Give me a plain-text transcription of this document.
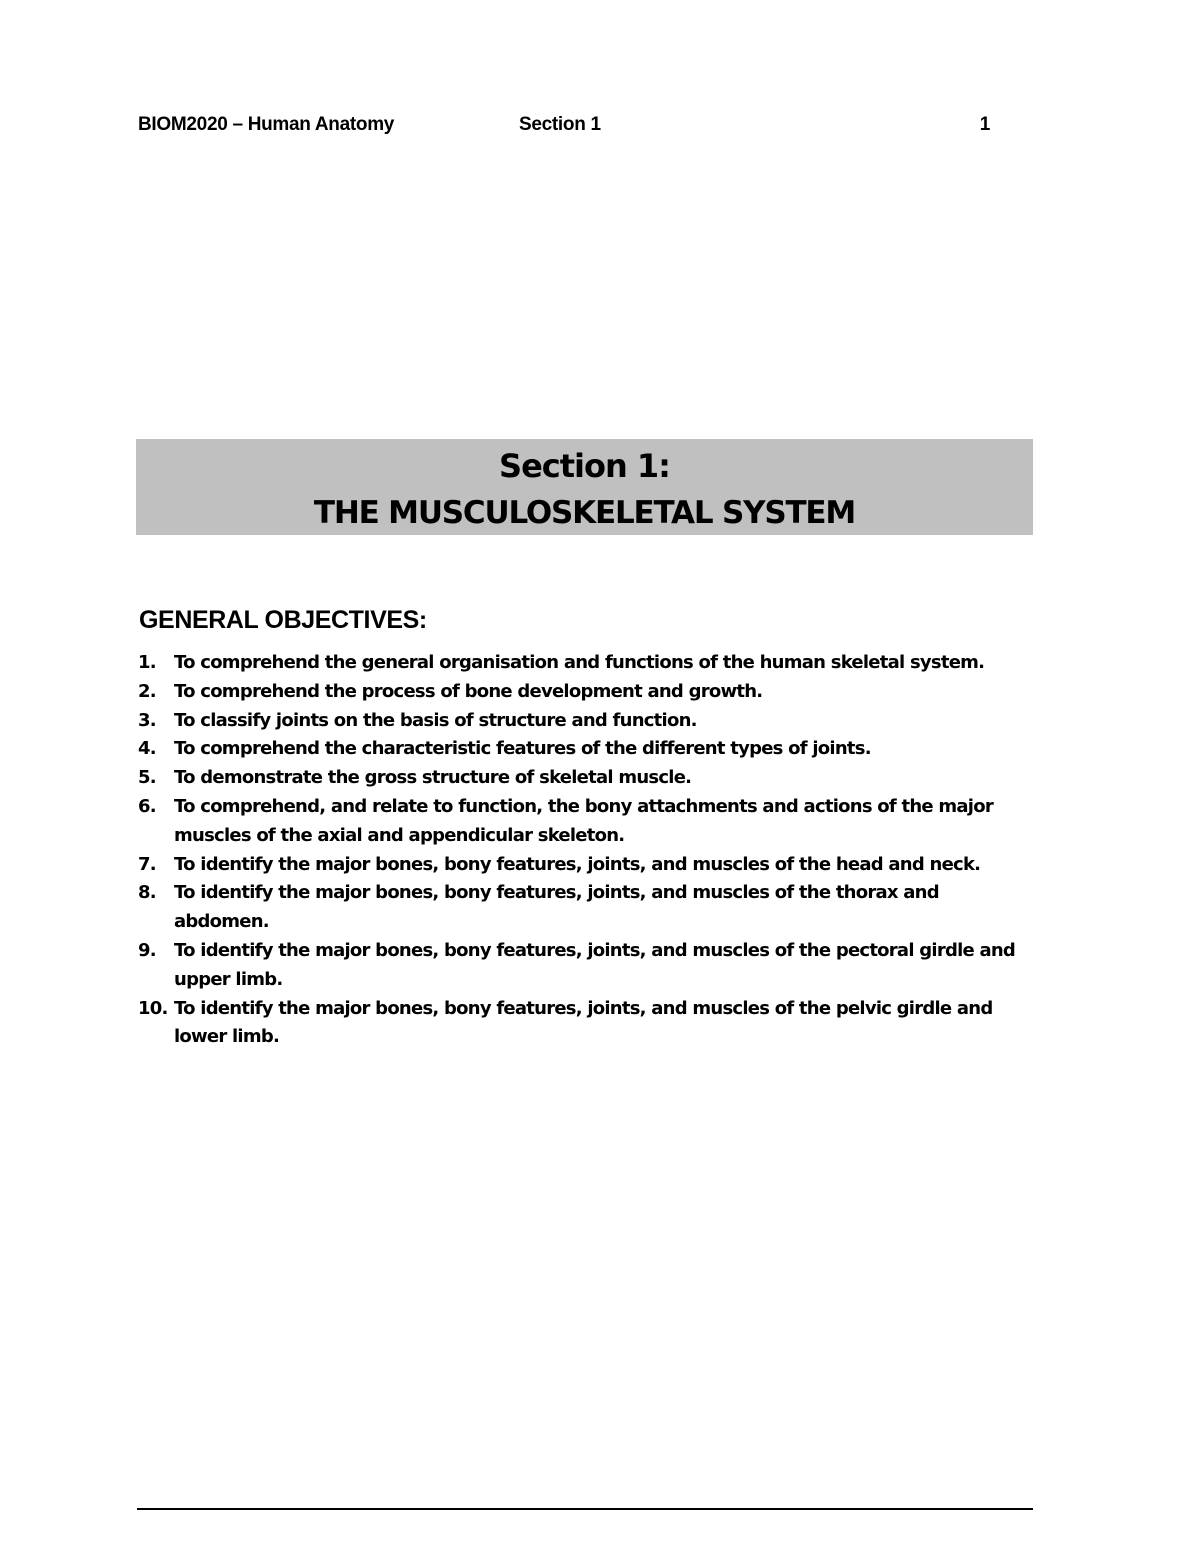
BIOM2020 – Human Anatomy	Section 1	1
Section 1:
THE MUSCULOSKELETAL SYSTEM
GENERAL OBJECTIVES:
1.	To comprehend the general organisation and functions of the human skeletal system.
2.	To comprehend the process of bone development and growth.
3.	To classify joints on the basis of structure and function.
4.	To comprehend the characteristic features of the different types of joints.
5.	To demonstrate the gross structure of skeletal muscle.
6.	To comprehend, and relate to function, the bony attachments and actions of the major muscles of the axial and appendicular skeleton.
7.	To identify the major bones, bony features, joints, and muscles of the head and neck.
8.	To identify the major bones, bony features, joints, and muscles of the thorax and abdomen.
9.	To identify the major bones, bony features, joints, and muscles of the pectoral girdle and upper limb.
10. To identify the major bones, bony features, joints, and muscles of the pelvic girdle and lower limb.
